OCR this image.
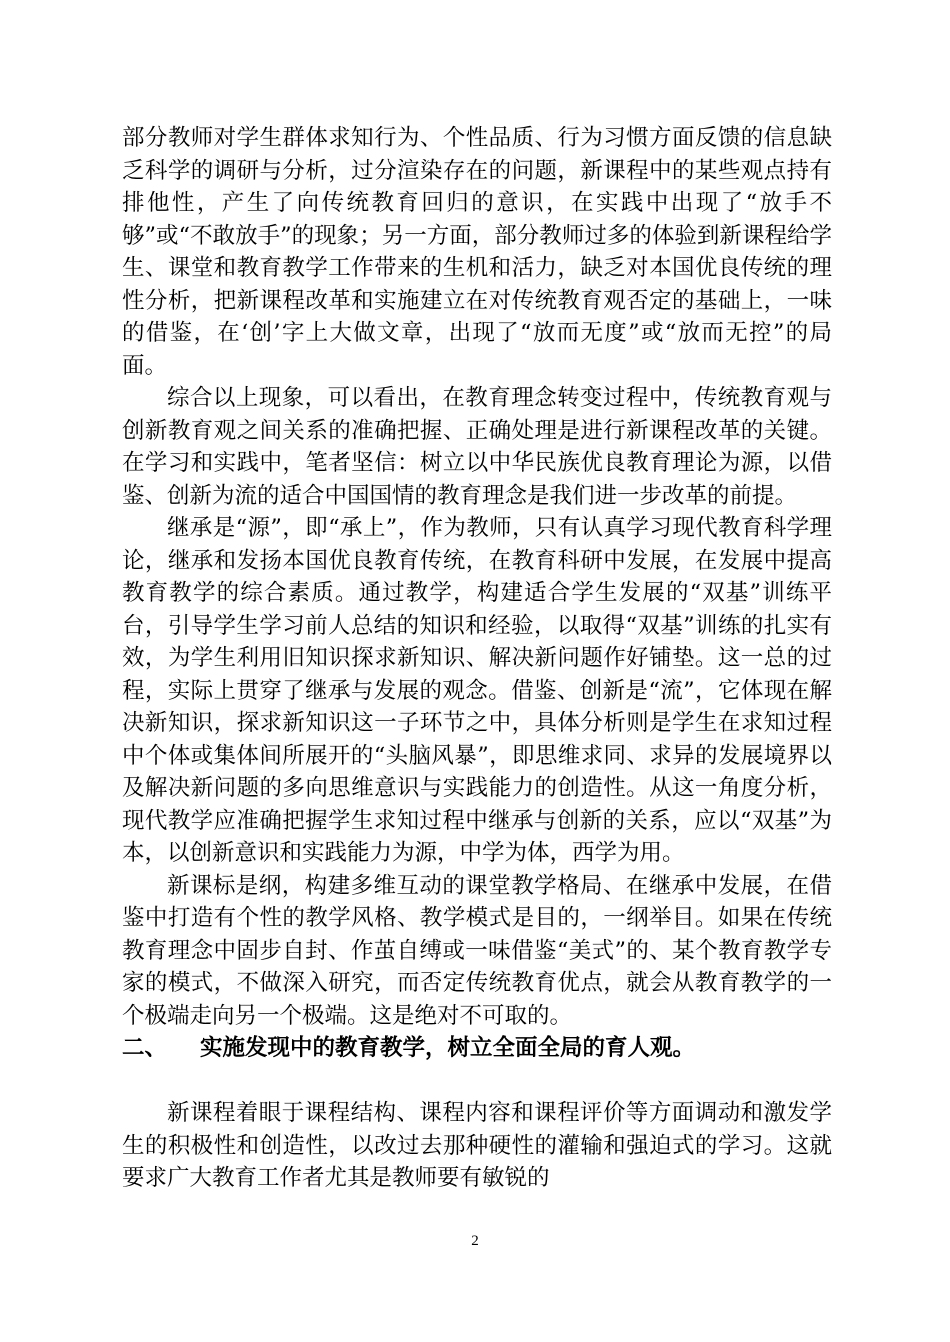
部分教师对学生群体求知行为、个性品质、行为习惯方面反馈的信息缺乏科学的调研与分析，过分渲染存在的问题，新课程中的某些观点持有排他性，产生了向传统教育回归的意识，在实践中出现了“放手不够”或“不敢放手”的现象；另一方面，部分教师过多的体验到新课程给学生、课堂和教育教学工作带来的生机和活力，缺乏对本国优良传统的理性分析，把新课程改革和实施建立在对传统教育观否定的基础上，一味的借鉴，在‘创’字上大做文章，出现了“放而无度”或“放而无控”的局面。

综合以上现象，可以看出，在教育理念转变过程中，传统教育观与创新教育观之间关系的准确把握、正确处理是进行新课程改革的关键。在学习和实践中，笔者坚信：树立以中华民族优良教育理论为源，以借鉴、创新为流的适合中国国情的教育理念是我们进一步改革的前提。

继承是“源”，即“承上”，作为教师，只有认真学习现代教育科学理论，继承和发扬本国优良教育传统，在教育科研中发展，在发展中提高教育教学的综合素质。通过教学，构建适合学生发展的“双基”训练平台，引导学生学习前人总结的知识和经验，以取得“双基”训练的扎实有效，为学生利用旧知识探求新知识、解决新问题作好铺垫。这一总的过程，实际上贯穿了继承与发展的观念。借鉴、创新是“流”，它体现在解决新知识，探求新知识这一子环节之中，具体分析则是学生在求知过程中个体或集体间所展开的“头脑风暴”，即思维求同、求异的发展境界以及解决新问题的多向思维意识与实践能力的创造性。从这一角度分析，现代教学应准确把握学生求知过程中继承与创新的关系，应以“双基”为本，以创新意识和实践能力为源，中学为体，西学为用。

新课标是纲，构建多维互动的课堂教学格局、在继承中发展，在借鉴中打造有个性的教学风格、教学模式是目的，一纲举目。如果在传统教育理念中固步自封、作茧自缚或一味借鉴“美式”的、某个教育教学专家的模式，不做深入研究，而否定传统教育优点，就会从教育教学的一个极端走向另一个极端。这是绝对不可取的。

二、 实施发现中的教育教学，树立全面全局的育人观。

新课程着眼于课程结构、课程内容和课程评价等方面调动和激发学生的积极性和创造性，以改过去那种硬性的灌输和强迫式的学习。这就要求广大教育工作者尤其是教师要有敏锐的

2
